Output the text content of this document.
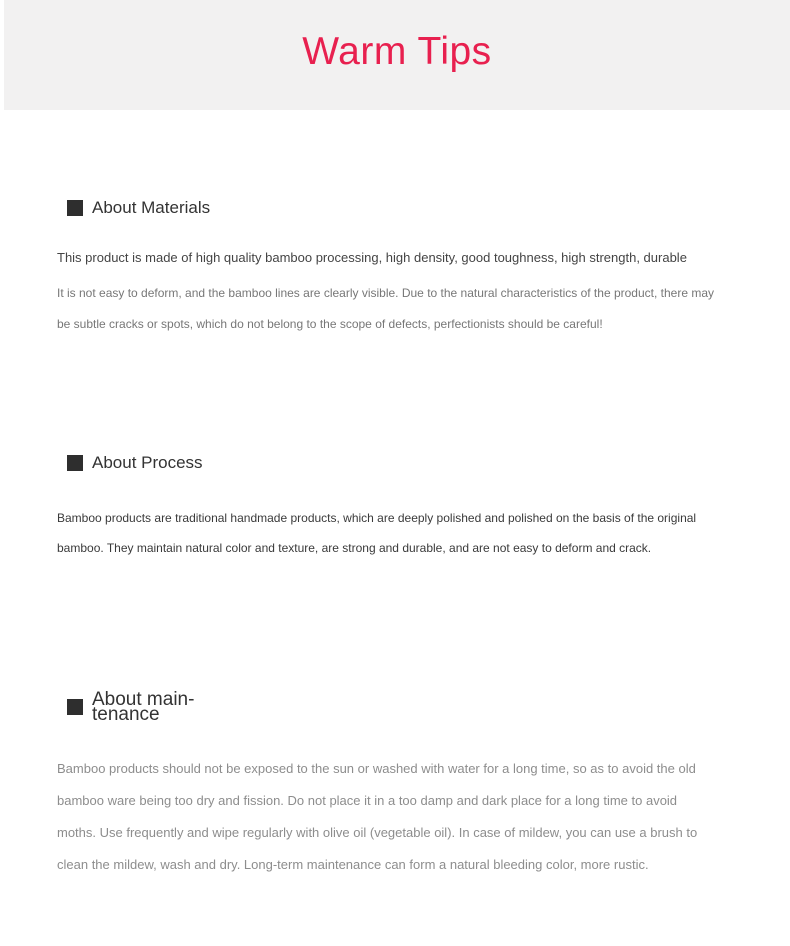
Warm Tips
About Materials

This product is made of high quality bamboo processing, high density, good toughness, high strength, durable

It is not easy to deform, and the bamboo lines are clearly visible. Due to the natural characteristics of the product, there may be subtle cracks or spots, which do not belong to the scope of defects, perfectionists should be careful!

About Process

Bamboo products are traditional handmade products, which are deeply polished and polished on the basis of the original bamboo. They maintain natural color and texture, are strong and durable, and are not easy to deform and crack.

About main-tenance

Bamboo products should not be exposed to the sun or washed with water for a long time, so as to avoid the old bamboo ware being too dry and fission. Do not place it in a too damp and dark place for a long time to avoid moths. Use frequently and wipe regularly with olive oil (vegetable oil). In case of mildew, you can use a brush to clean the mildew, wash and dry. Long-term maintenance can form a natural bleeding color, more rustic.
